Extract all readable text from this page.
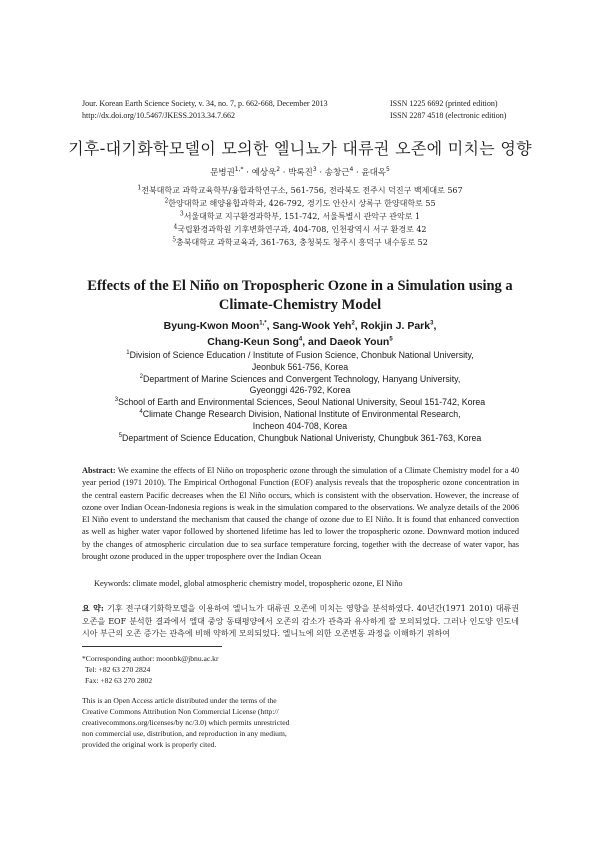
Jour. Korean Earth Science Society, v. 34, no. 7, p. 662-668, December 2013
http://dx.doi.org/10.5467/JKESS.2013.34.7.662
ISSN 1225 6692 (printed edition)
ISSN 2287 4518 (electronic edition)
기후-대기화학모델이 모의한 엘니뇨가 대류권 오존에 미치는 영향
문병권$^{1,*}$ · 예상욱$^2$ · 박록진$^3$ · 송창근$^4$ · 윤대옥$^5$
$^1$전북대학교 과학교육학부/융합과학연구소, 561-756, 전라북도 전주시 덕진구 백제대로 567
$^2$한양대학교 해양융합과학과, 426-792, 경기도 안산시 상록구 한양대학로 55
$^3$서울대학교 지구환경과학부, 151-742, 서울특별시 관악구 관악로 1
$^4$국립환경과학원 기후변화연구과, 404-708, 인천광역시 서구 환경로 42
$^5$충북대학교 과학교육과, 361-763, 충청북도 청주시 흥덕구 내수동로 52
Effects of the El Niño on Tropospheric Ozone in a Simulation using a
Climate-Chemistry Model
Byung-Kwon Moon$^{1,*}$, Sang-Wook Yeh$^2$, Rokjin J. Park$^3$,
Chang-Keun Song$^4$, and Daeok Youn$^5$
$^1$Division of Science Education / Institute of Fusion Science, Chonbuk National University,
Jeonbuk 561-756, Korea
$^2$Department of Marine Sciences and Convergent Technology, Hanyang University,
Gyeonggi 426-792, Korea
$^3$School of Earth and Environmental Sciences, Seoul National University, Seoul 151-742, Korea
$^4$Climate Change Research Division, National Institute of Environmental Research,
Incheon 404-708, Korea
$^5$Department of Science Education, Chungbuk National Univeristy, Chungbuk 361-763, Korea
Abstract: We examine the effects of El Niño on tropospheric ozone through the simulation of a Climate Chemistry model for a 40 year period (1971 2010). The Empirical Orthogonal Function (EOF) analysis reveals that the tropospheric ozone concentration in the central eastern Pacific decreases when the El Niño occurs, which is consistent with the observation. However, the increase of ozone over Indian Ocean-Indonesia regions is weak in the simulation compared to the observations. We analyze details of the 2006 El Niño event to understand the mechanism that caused the change of ozone due to El Niño. It is found that enhanced convection as well as higher water vapor followed by shortened lifetime has led to lower the tropospheric ozone. Downward motion induced by the changes of atmospheric circulation due to sea surface temperature forcing, together with the decrease of water vapor, has brought ozone produced in the upper troposphere over the Indian Ocean
Keywords: climate model, global atmospheric chemistry model, tropospheric ozone, El Niño
요 약: 기후 전구대기화학모델을 이용하여 엘니뇨가 대류권 오존에 미치는 영향을 분석하였다. 40년간(1971 2010) 대류권 오존을 EOF 분석한 결과에서 엘대 중앙 동태평양에서 오존의 감소가 관측과 유사하게 잘 모의되었다. 그러나 인도양 인도네시아 부근의 오존 증가는 관측에 비해 약하게 모의되었다. 엘니뇨에 의한 오존변동 과정을 이해하기 위하여
*Corresponding author: moonbk@jbnu.ac.kr
Tel: +82 63 270 2824
Fax: +82 63 270 2802
This is an Open Access article distributed under the terms of the
Creative Commons Attribution Non Commercial License (http://
creativecommons.org/licenses/by nc/3.0) which permits unrestricted
non commercial use, distribution, and reproduction in any medium,
provided the original work is properly cited.
